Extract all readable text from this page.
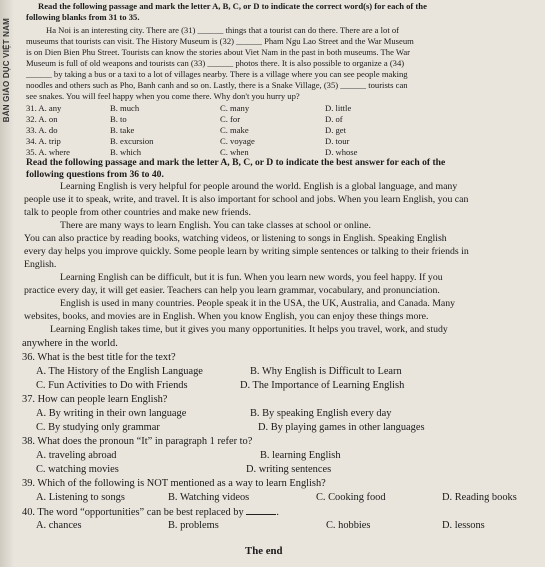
BẢN GIÁO DỤC VIỆT NAM
Read the following passage and mark the letter A, B, C, or D to indicate the correct word(s) for each of the
following blanks from 31 to 35.
Ha Noi is an interesting city. There are (31) ______ things that a tourist can do there. There are a lot of
museums that tourists can visit. The History Museum is (32) ______ Pham Ngu Lao Street and the War Museum
is on Dien Bien Phu Street. Tourists can know the stories about Viet Nam in the past in both museums. The War
Museum is full of old weapons and tourists can (33) ______ photos there. It is also possible to organize a (34)
______ by taking a bus or a taxi to a lot of villages nearby. There is a village where you can see people making
noodles and others such as Pho, Banh canh and so on. Lastly, there is a Snake Village, (35) ______ tourists can
see snakes. You will feel happy when you come there. Why don't you hurry up?
31. A. any	B. much	C. many	D. little
32. A. on	B. to	C. for	D. of
33. A. do	B. take	C. make	D. get
34. A. trip	B. excursion	C. voyage	D. tour
35. A. where	B. which	C. when	D. whose
Read the following passage and mark the letter A, B, C, or D to indicate the best answer for each of the
following questions from 36 to 40.
Learning English is very helpful for people around the world. English is a global language, and many
people use it to speak, write, and travel. It is also important for school and jobs. When you learn English, you can
talk to people from other countries and make new friends.
There are many ways to learn English. You can take classes at school or online.
You can also practice by reading books, watching videos, or listening to songs in English. Speaking English
every day helps you improve quickly. Some people learn by writing simple sentences or talking to their friends in
English.
Learning English can be difficult, but it is fun. When you learn new words, you feel happy. If you
practice every day, it will get easier. Teachers can help you learn grammar, vocabulary, and pronunciation.
English is used in many countries. People speak it in the USA, the UK, Australia, and Canada. Many
websites, books, and movies are in English. When you know English, you can enjoy these things more.
Learning English takes time, but it gives you many opportunities. It helps you travel, work, and study
anywhere in the world.
36. What is the best title for the text?
A. The History of the English Language	B. Why English is Difficult to Learn
C. Fun Activities to Do with Friends	D. The Importance of Learning English
37. How can people learn English?
A. By writing in their own language	B. By speaking English every day
C. By studying only grammar	D. By playing games in other languages
38. What does the pronoun “It” in paragraph 1 refer to?
A. traveling abroad	B. learning English
C. watching movies	D. writing sentences
39. Which of the following is NOT mentioned as a way to learn English?
A. Listening to songs	B. Watching videos	C. Cooking food	D. Reading books
40. The word “opportunities” can be best replaced by	.
A. chances	B. problems	C. hobbies	D. lessons
The end
